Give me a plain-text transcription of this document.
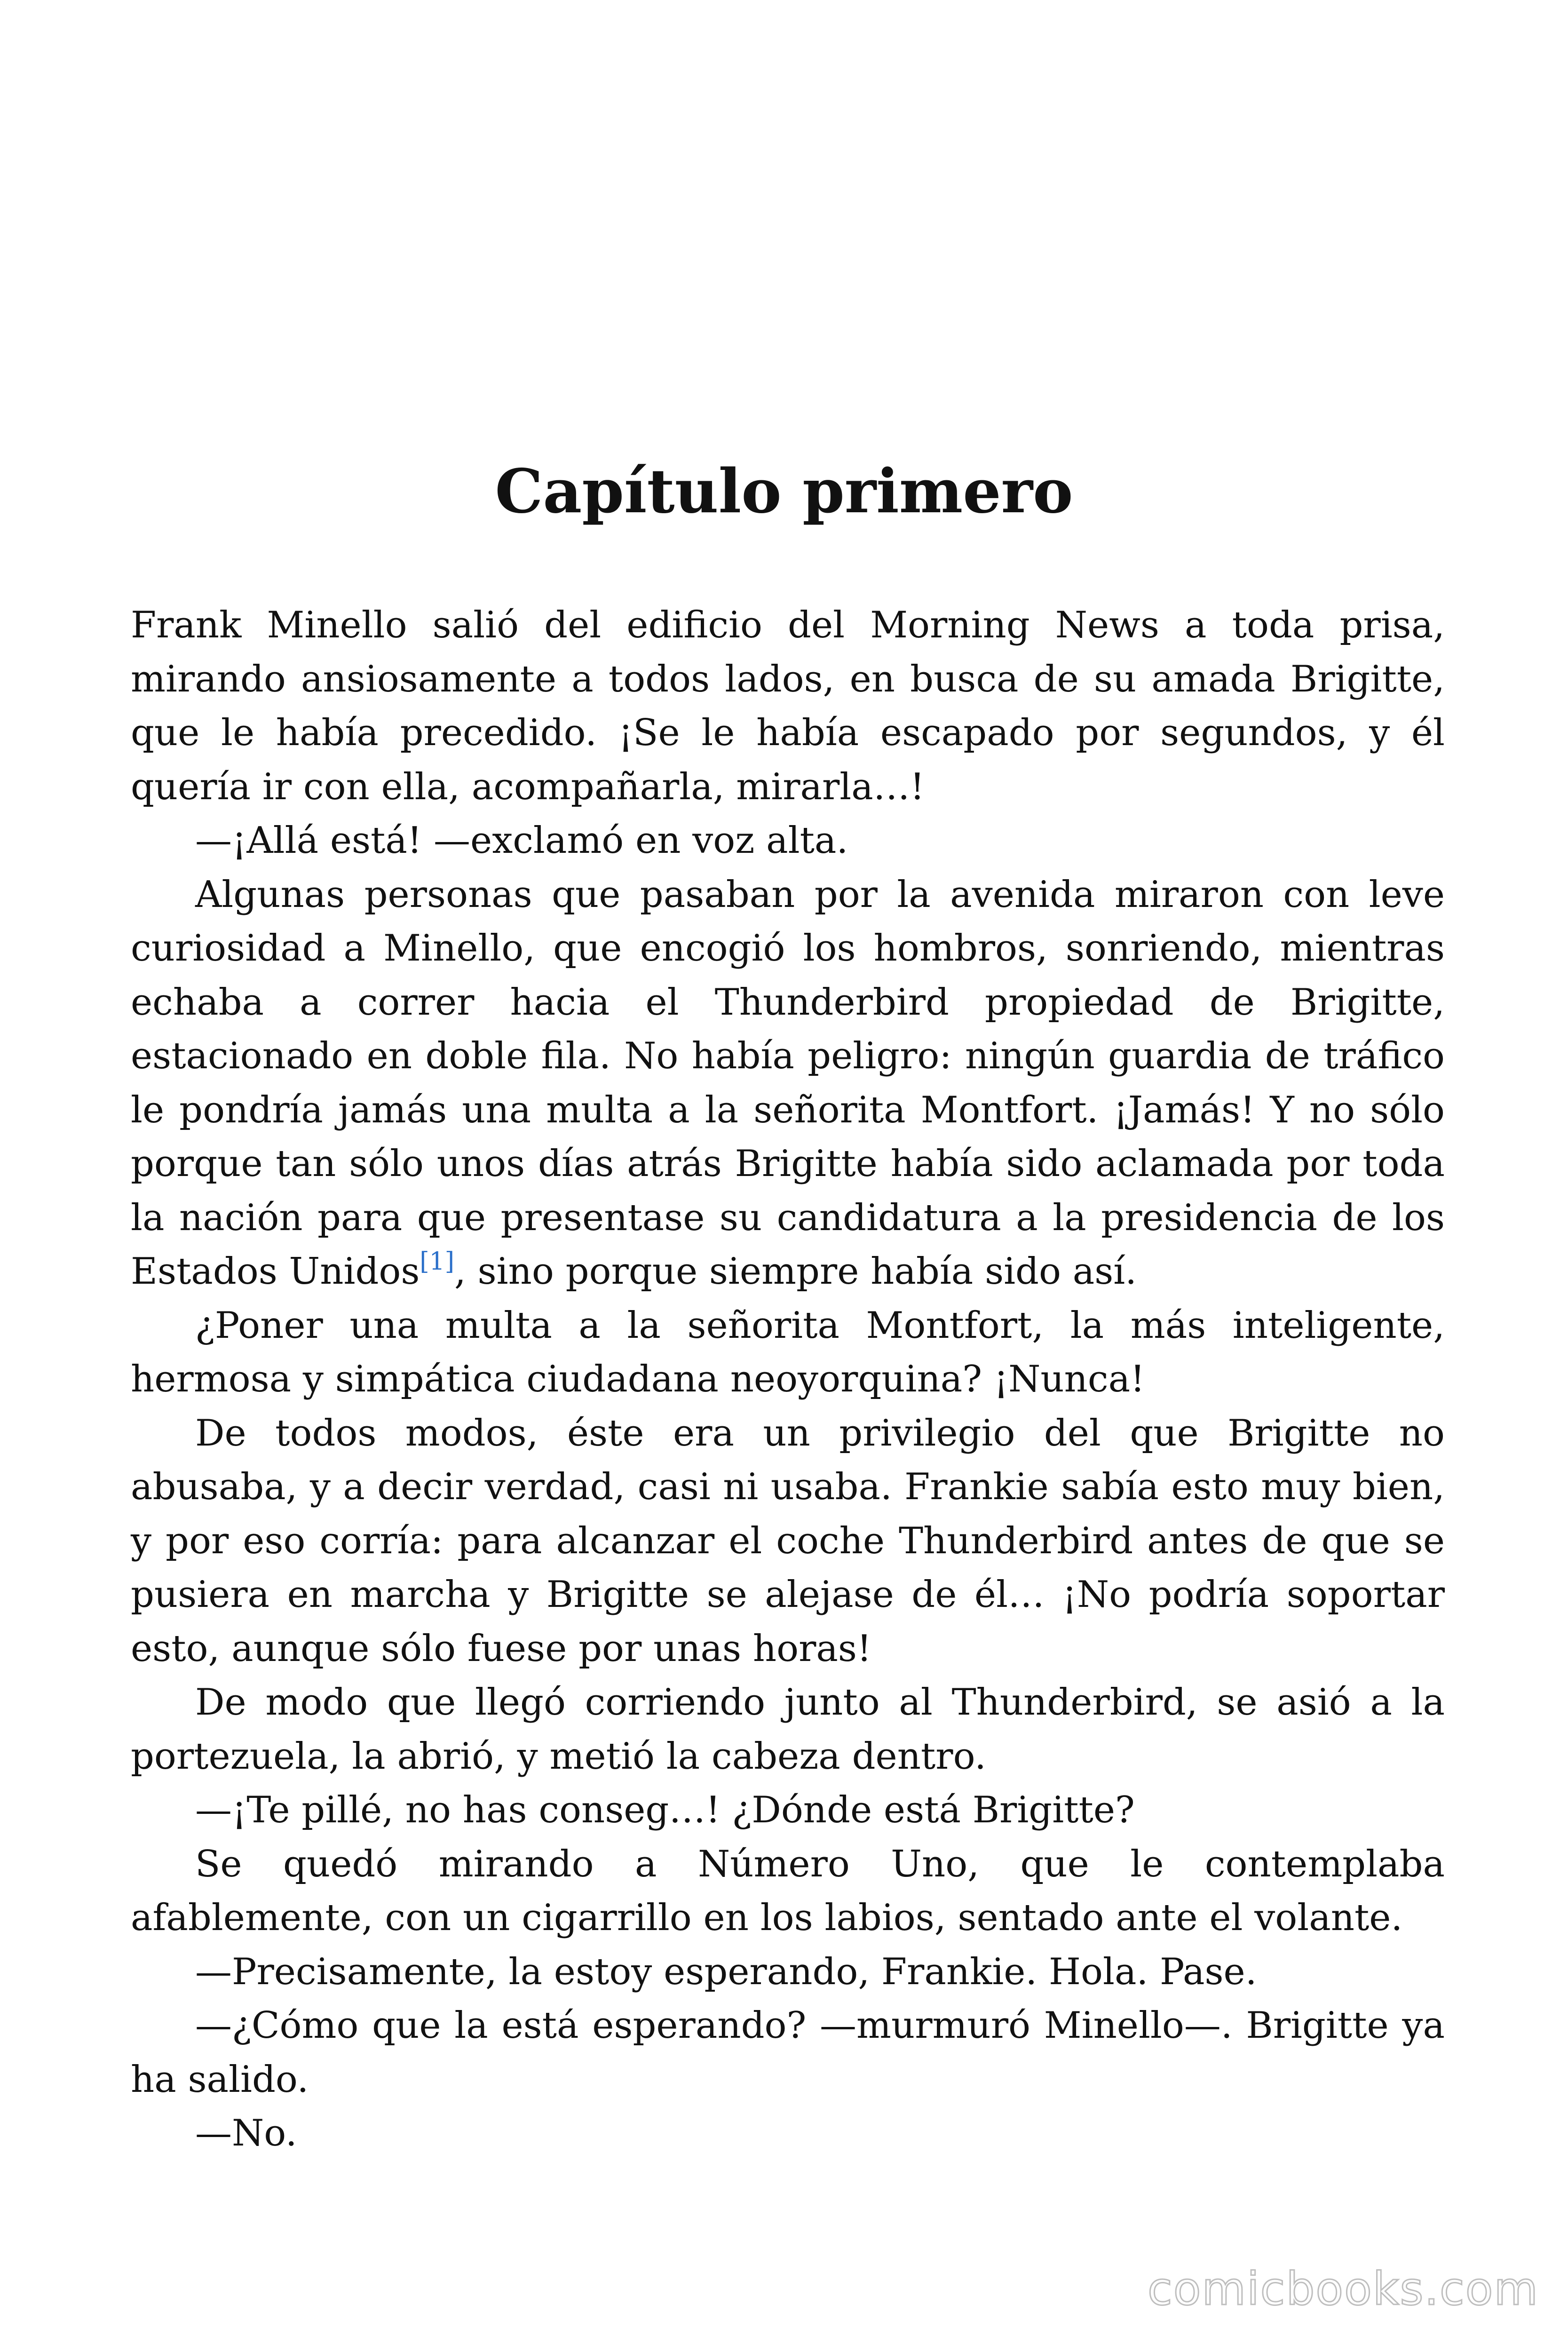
Capítulo primero

Frank Minello salió del edificio del Morning News a toda prisa, mirando ansiosamente a todos lados, en busca de su amada Brigitte, que le había precedido. ¡Se le había escapado por segundos, y él quería ir con ella, acompañarla, mirarla…!

—¡Allá está! —exclamó en voz alta.

Algunas personas que pasaban por la avenida miraron con leve curiosidad a Minello, que encogió los hombros, sonriendo, mientras echaba a correr hacia el Thunderbird propiedad de Brigitte, estacionado en doble fila. No había peligro: ningún guardia de tráfico le pondría jamás una multa a la señorita Montfort. ¡Jamás! Y no sólo porque tan sólo unos días atrás Brigitte había sido aclamada por toda la nación para que presentase su candidatura a la presidencia de los Estados Unidos[1], sino porque siempre había sido así.

¿Poner una multa a la señorita Montfort, la más inteligente, hermosa y simpática ciudadana neoyorquina? ¡Nunca!

De todos modos, éste era un privilegio del que Brigitte no abusaba, y a decir verdad, casi ni usaba. Frankie sabía esto muy bien, y por eso corría: para alcanzar el coche Thunderbird antes de que se pusiera en marcha y Brigitte se alejase de él… ¡No podría soportar esto, aunque sólo fuese por unas horas!

De modo que llegó corriendo junto al Thunderbird, se asió a la portezuela, la abrió, y metió la cabeza dentro.

—¡Te pillé, no has conseg…! ¿Dónde está Brigitte?

Se quedó mirando a Número Uno, que le contemplaba afablemente, con un cigarrillo en los labios, sentado ante el volante.

—Precisamente, la estoy esperando, Frankie. Hola. Pase.

—¿Cómo que la está esperando? —murmuró Minello—. Brigitte ya ha salido.

—No.

comicbooks.com
